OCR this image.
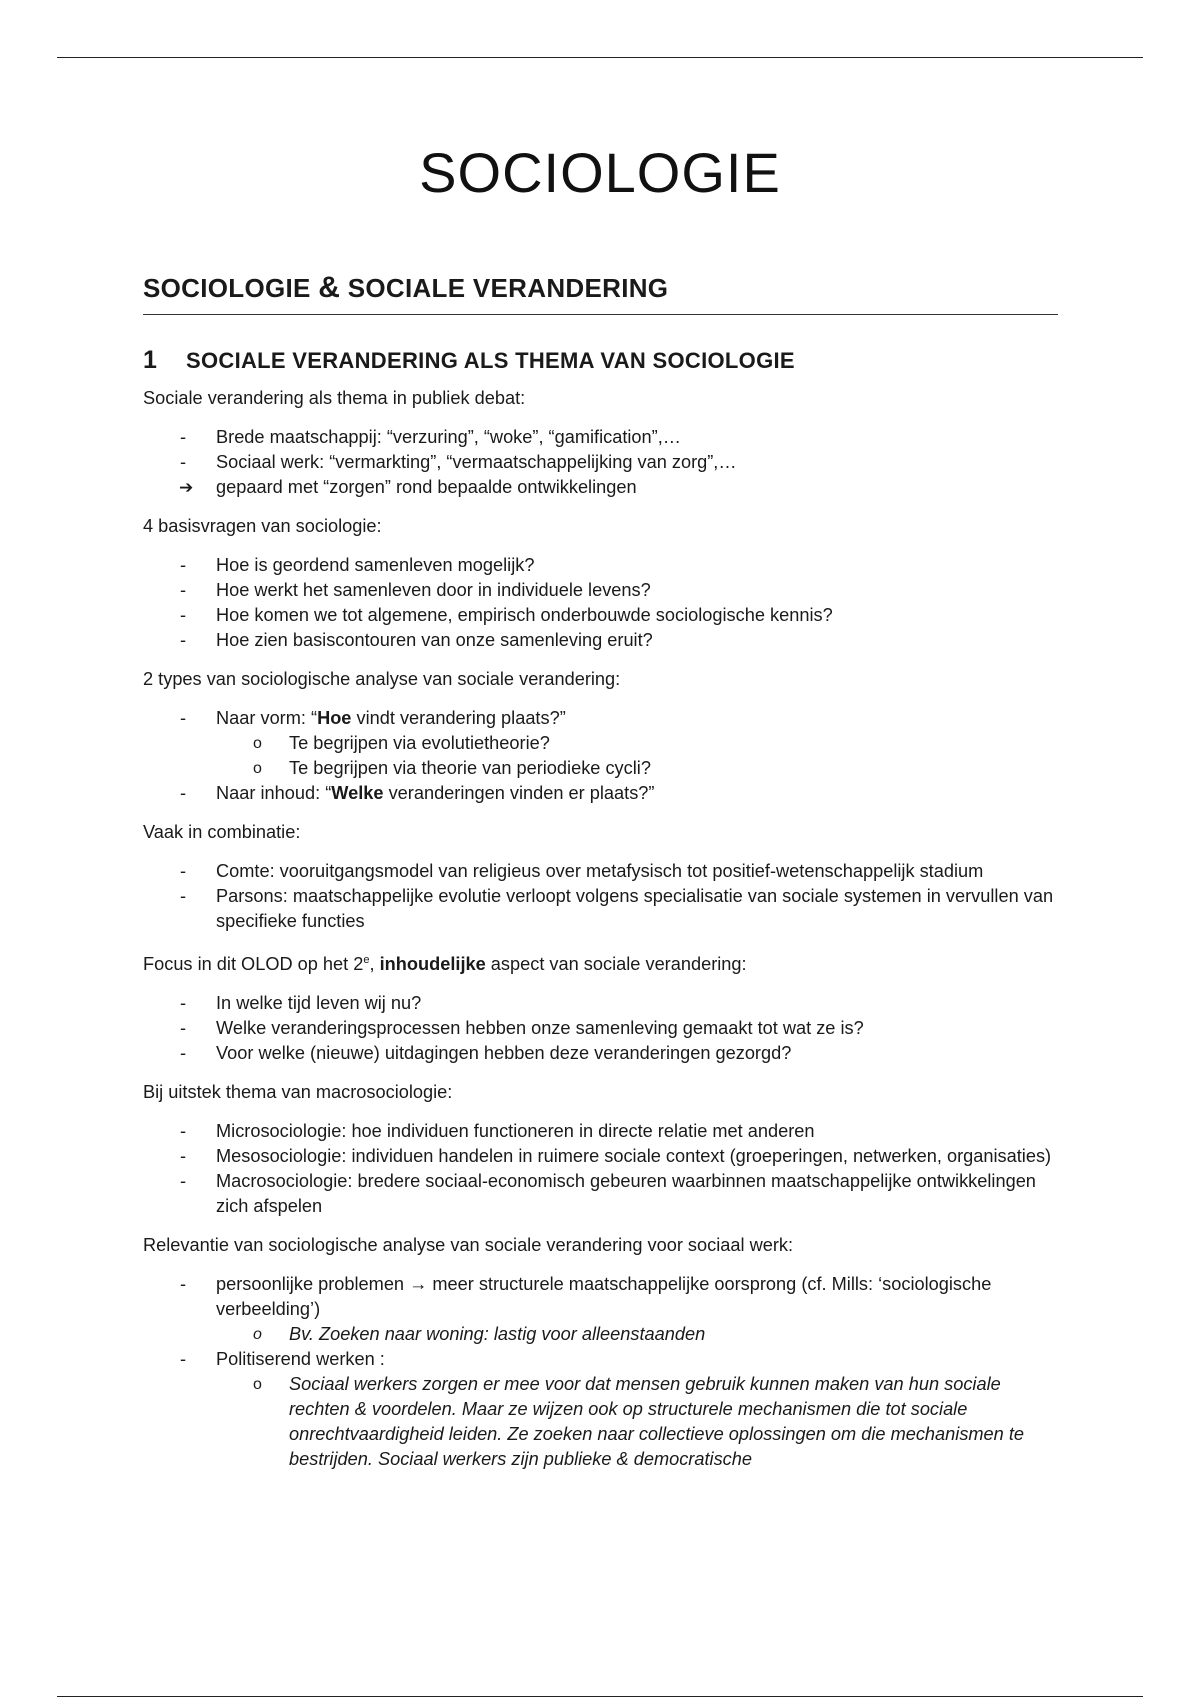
SOCIOLOGIE
SOCIOLOGIE & SOCIALE VERANDERING
1 SOCIALE VERANDERING ALS THEMA VAN SOCIOLOGIE

Sociale verandering als thema in publiek debat:

- Brede maatschappij: “verzuring”, “woke”, “gamification”,…
- Sociaal werk: “vermarkting”, “vermaatschappelijking van zorg”,…
➔ gepaard met “zorgen” rond bepaalde ontwikkelingen

4 basisvragen van sociologie:

- Hoe is geordend samenleven mogelijk?
- Hoe werkt het samenleven door in individuele levens?
- Hoe komen we tot algemene, empirisch onderbouwde sociologische kennis?
- Hoe zien basiscontouren van onze samenleving eruit?

2 types van sociologische analyse van sociale verandering:

- Naar vorm: “Hoe vindt verandering plaats?”
o Te begrijpen via evolutietheorie?
o Te begrijpen via theorie van periodieke cycli?
- Naar inhoud: “Welke veranderingen vinden er plaats?”

Vaak in combinatie:

- Comte: vooruitgangsmodel van religieus over metafysisch tot positief-wetenschappelijk stadium
- Parsons: maatschappelijke evolutie verloopt volgens specialisatie van sociale systemen in vervullen van specifieke functies

Focus in dit OLOD op het 2e, inhoudelijke aspect van sociale verandering:

- In welke tijd leven wij nu?
- Welke veranderingsprocessen hebben onze samenleving gemaakt tot wat ze is?
- Voor welke (nieuwe) uitdagingen hebben deze veranderingen gezorgd?

Bij uitstek thema van macrosociologie:

- Microsociologie: hoe individuen functioneren in directe relatie met anderen
- Mesosociologie: individuen handelen in ruimere sociale context (groeperingen, netwerken, organisaties)
- Macrosociologie: bredere sociaal-economisch gebeuren waarbinnen maatschappelijke ontwikkelingen zich afspelen

Relevantie van sociologische analyse van sociale verandering voor sociaal werk:

- persoonlijke problemen → meer structurele maatschappelijke oorsprong (cf. Mills: ‘sociologische verbeelding’)
o Bv. Zoeken naar woning: lastig voor alleenstaanden
- Politiserend werken :
o Sociaal werkers zorgen er mee voor dat mensen gebruik kunnen maken van hun sociale rechten & voordelen. Maar ze wijzen ook op structurele mechanismen die tot sociale onrechtvaardigheid leiden. Ze zoeken naar collectieve oplossingen om die mechanismen te bestrijden. Sociaal werkers zijn publieke & democratische
